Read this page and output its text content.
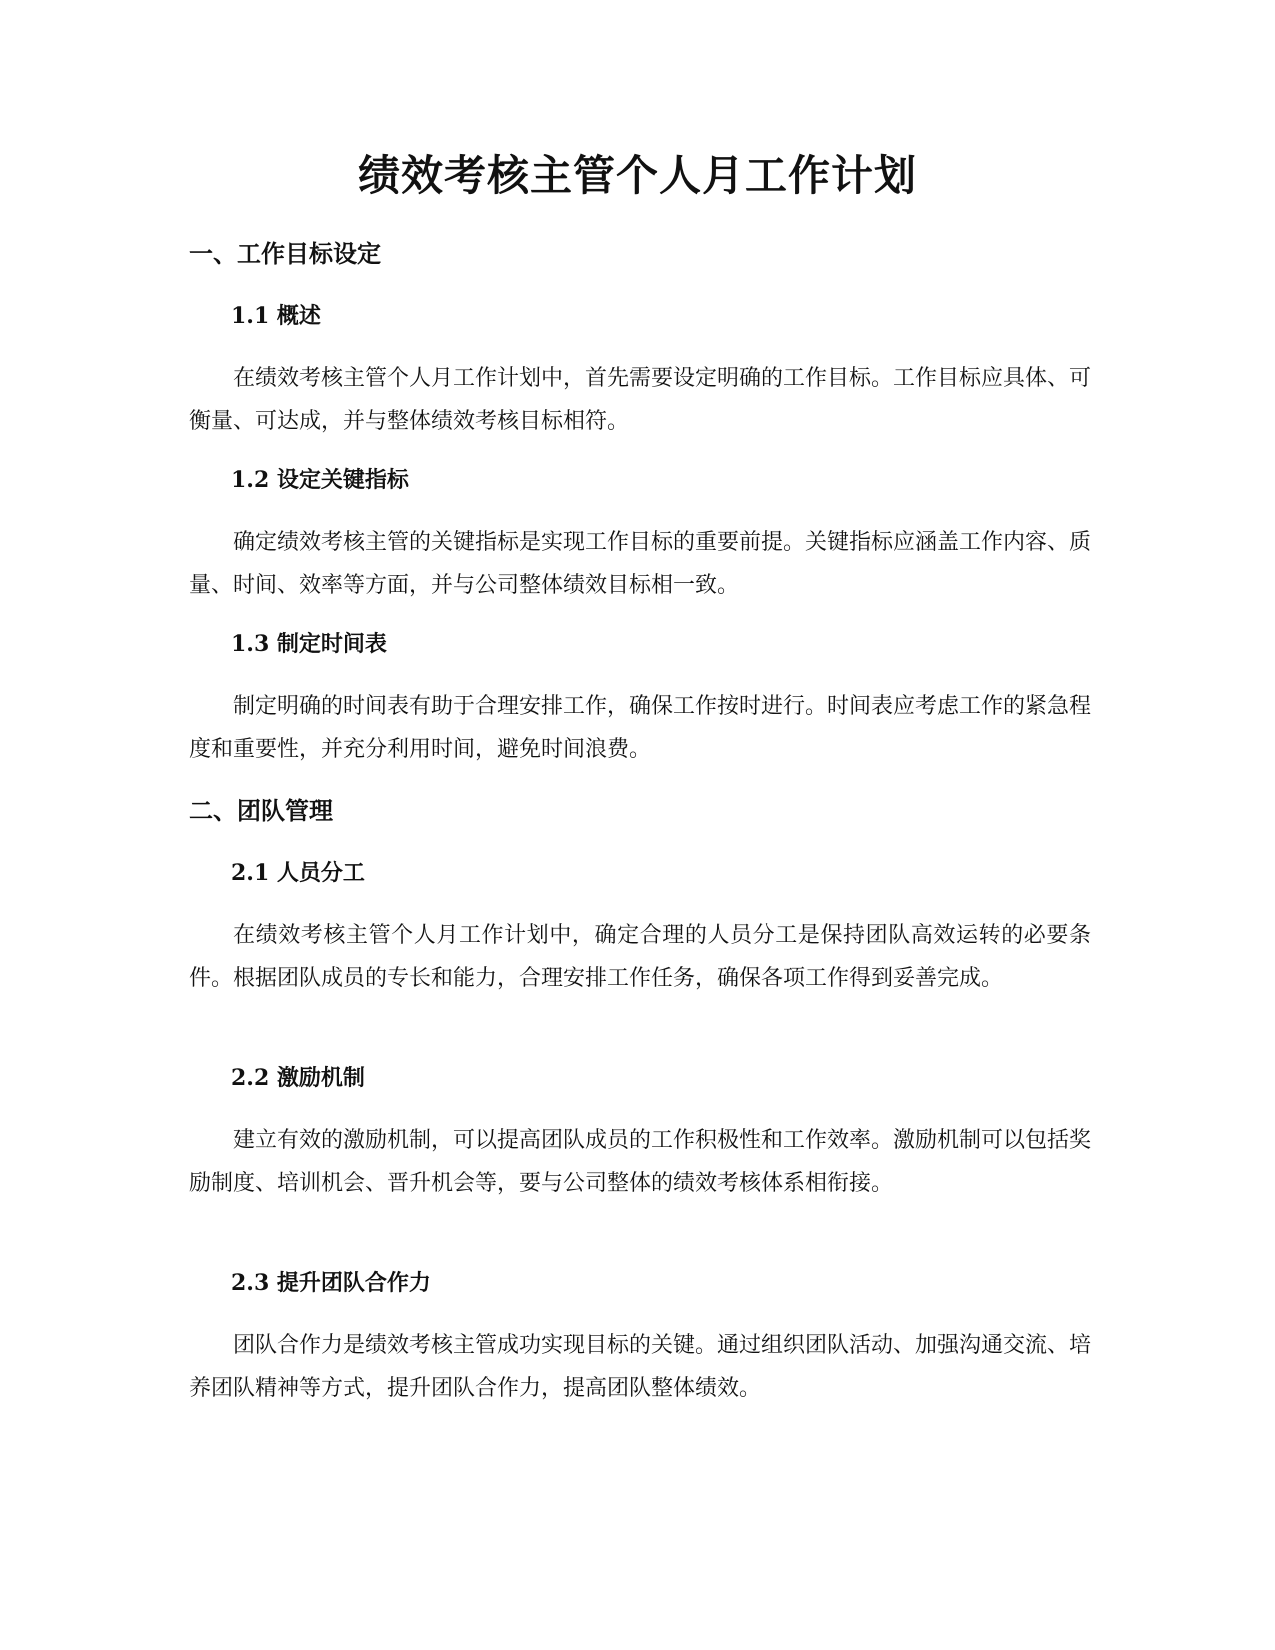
绩效考核主管个人月工作计划
一、工作目标设定
1.1 概述

在绩效考核主管个人月工作计划中，首先需要设定明确的工作目标。工作目标应具体、可衡量、可达成，并与整体绩效考核目标相符。

1.2 设定关键指标

确定绩效考核主管的关键指标是实现工作目标的重要前提。关键指标应涵盖工作内容、质量、时间、效率等方面，并与公司整体绩效目标相一致。

1.3 制定时间表

制定明确的时间表有助于合理安排工作，确保工作按时进行。时间表应考虑工作的紧急程度和重要性，并充分利用时间，避免时间浪费。

二、团队管理
2.1 人员分工

在绩效考核主管个人月工作计划中，确定合理的人员分工是保持团队高效运转的必要条件。根据团队成员的专长和能力，合理安排工作任务，确保各项工作得到妥善完成。

2.2 激励机制

建立有效的激励机制，可以提高团队成员的工作积极性和工作效率。激励机制可以包括奖励制度、培训机会、晋升机会等，要与公司整体的绩效考核体系相衔接。

2.3 提升团队合作力

团队合作力是绩效考核主管成功实现目标的关键。通过组织团队活动、加强沟通交流、培养团队精神等方式，提升团队合作力，提高团队整体绩效。
